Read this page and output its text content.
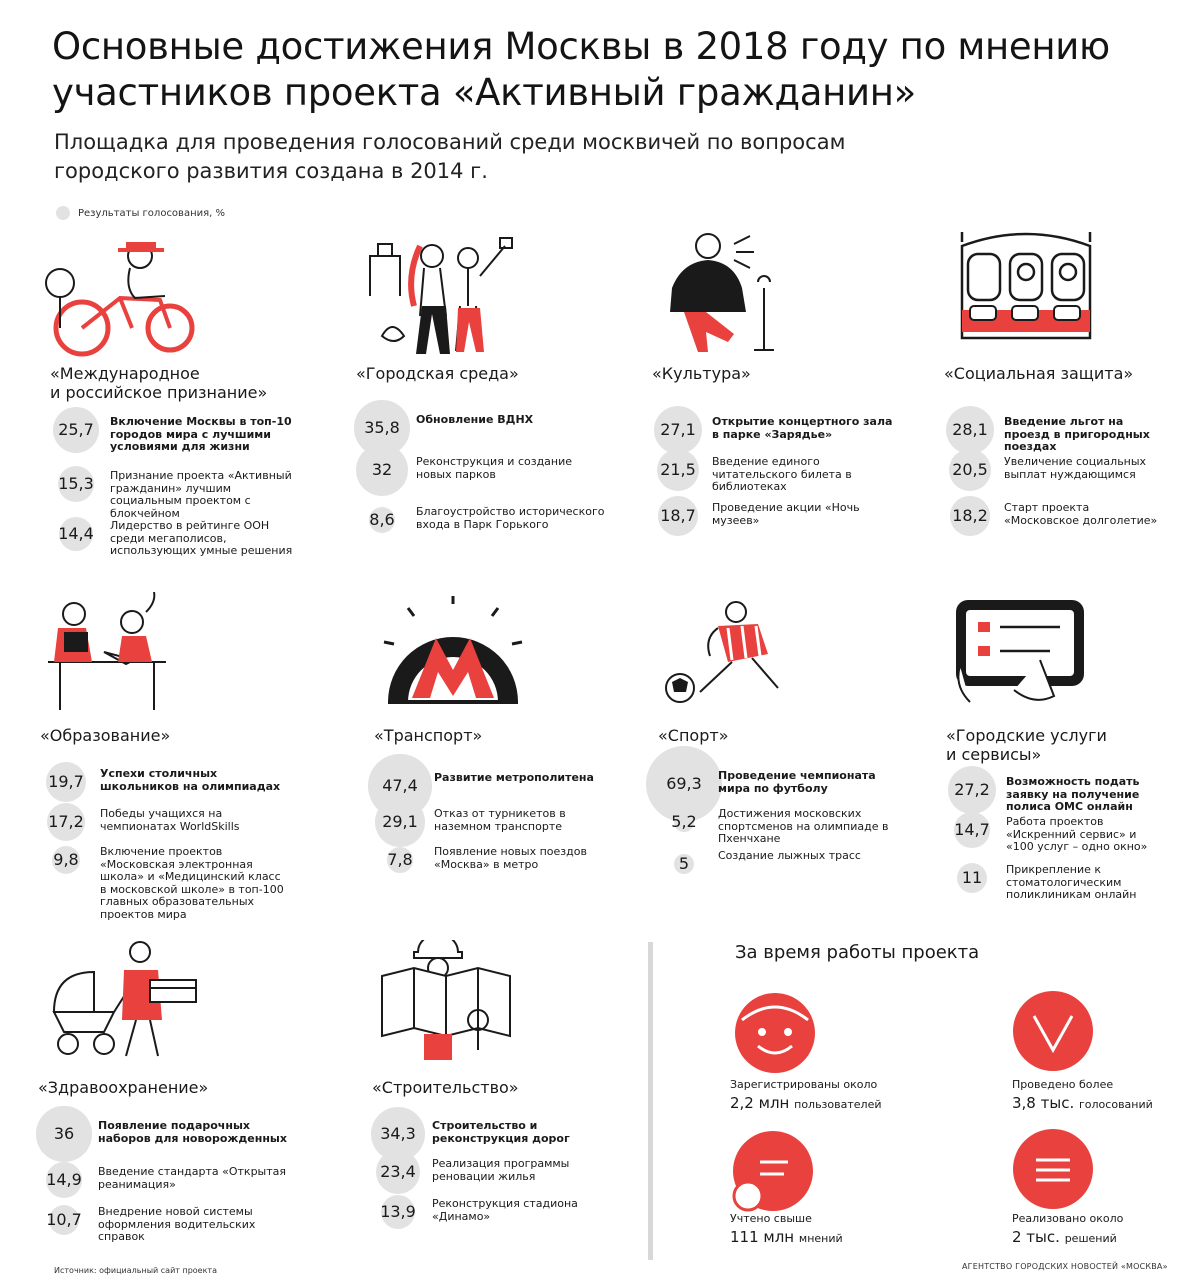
Основные достижения Москвы в 2018 году по мнению участников проекта «Активный гражданин»
Площадка для проведения голосований среди москвичей по вопросам городского развития создана в 2014 г.
Результаты голосования, %
«Международное
и российское признание»
25,7	Включение Москвы в топ-10 городов мира с лучшими условиями для жизни
15,3	Признание проекта «Активный гражданин» лучшим социальным проектом с блокчейном
14,4	Лидерство в рейтинге ООН среди мегаполисов, использующих умные решения
«Городская среда»
35,8	Обновление ВДНХ
32	Реконструкция и создание новых парков
8,6	Благоустройство исторического входа в Парк Горького
«Культура»
27,1	Открытие концертного зала в парке «Зарядье»
21,5	Введение единого читательского билета в библиотеках
18,7	Проведение акции «Ночь музеев»
«Социальная защита»
28,1	Введение льгот на проезд в пригородных поездах
20,5	Увеличение социальных выплат нуждающимся
18,2	Старт проекта «Московское долголетие»
«Образование»
19,7	Успехи столичных школьников на олимпиадах
17,2	Победы учащихся на чемпионатах WorldSkills
9,8	Включение проектов «Московская электронная школа» и «Медицинский класс в московской школе» в топ-100 главных образовательных проектов мира
«Транспорт»
47,4	Развитие метрополитена
29,1	Отказ от турникетов в наземном транспорте
7,8	Появление новых поездов «Москва» в метро
«Спорт»
69,3	Проведение чемпионата мира по футболу
5,2	Достижения московских спортсменов на олимпиаде в Пхенчхане
5	Создание лыжных трасс
«Городские услуги
и сервисы»
27,2	Возможность подать заявку на получение полиса ОМС онлайн
14,7	Работа проектов «Искренний сервис» и «100 услуг – одно окно»
11	Прикрепление к стоматологическим поликлиникам онлайн
«Здравоохранение»
36	Появление подарочных наборов для новорожденных
14,9	Введение стандарта «Открытая реанимация»
10,7	Внедрение новой системы оформления водительских справок
«Строительство»
34,3	Строительство и реконструкция дорог
23,4	Реализация программы реновации жилья
13,9	Реконструкция стадиона «Динамо»
За время работы проекта
Зарегистрированы около
2,2 млн пользователей
Проведено более
3,8 тыс. голосований
Учтено свыше
111 млн мнений
Реализовано около
2 тыс. решений
Источник: официальный сайт проекта	АГЕНТСТВО ГОРОДСКИХ НОВОСТЕЙ «МОСКВА»
